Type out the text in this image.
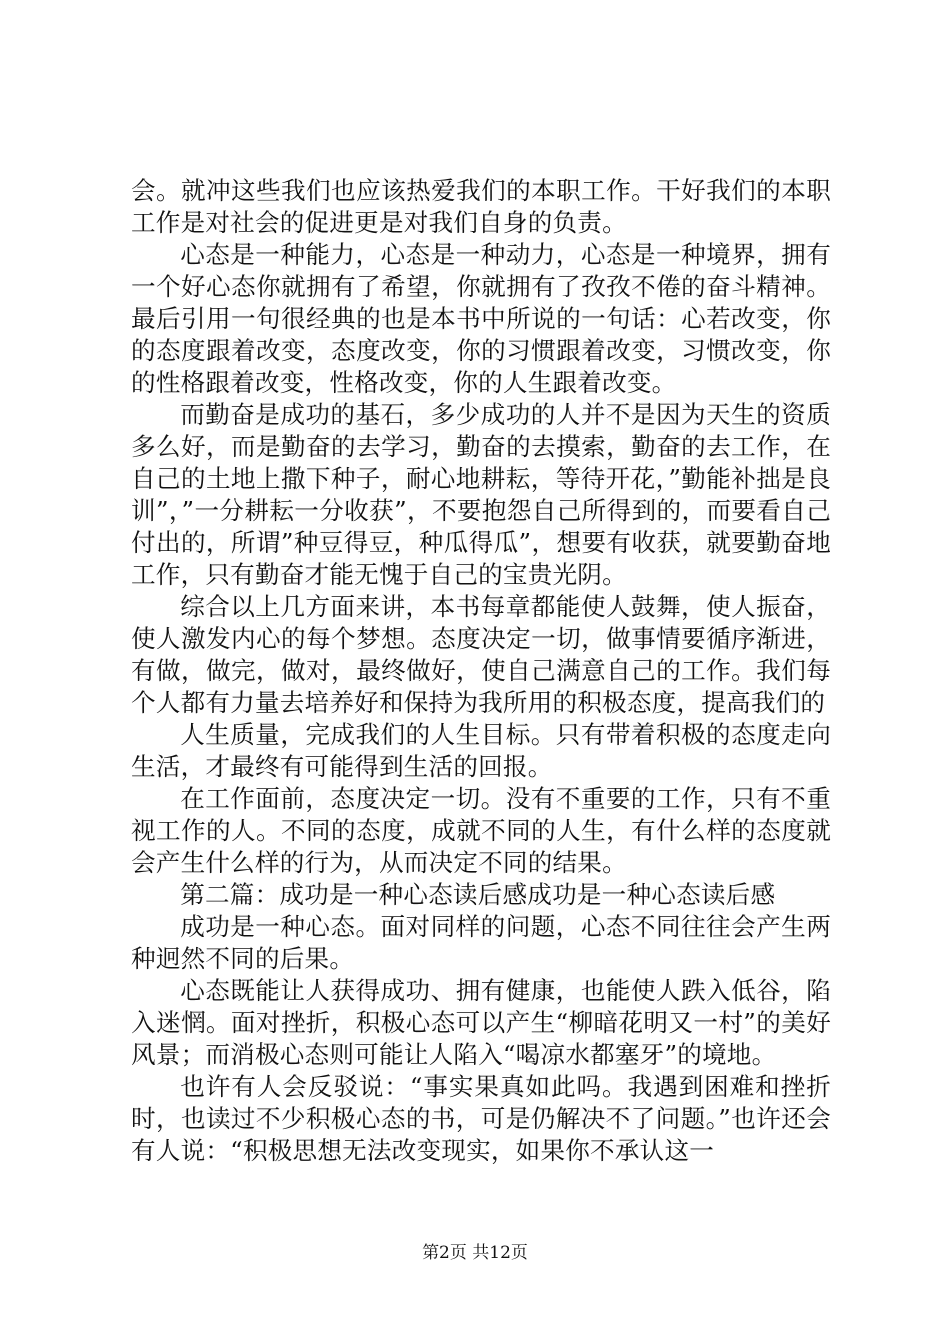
会。就冲这些我们也应该热爱我们的本职工作。干好我们的本职工作是对社会的促进更是对我们自身的负责。

心态是一种能力，心态是一种动力，心态是一种境界，拥有一个好心态你就拥有了希望，你就拥有了孜孜不倦的奋斗精神。最后引用一句很经典的也是本书中所说的一句话：心若改变，你的态度跟着改变，态度改变，你的习惯跟着改变，习惯改变，你的性格跟着改变，性格改变，你的人生跟着改变。

而勤奋是成功的基石，多少成功的人并不是因为天生的资质多么好，而是勤奋的去学习，勤奋的去摸索，勤奋的去工作，在自己的土地上撒下种子，耐心地耕耘，等待开花，”勤能补拙是良训”，”一分耕耘一分收获”，不要抱怨自己所得到的，而要看自己付出的，所谓”种豆得豆，种瓜得瓜”，想要有收获，就要勤奋地工作，只有勤奋才能无愧于自己的宝贵光阴。

综合以上几方面来讲，本书每章都能使人鼓舞，使人振奋，使人激发内心的每个梦想。态度决定一切，做事情要循序渐进，有做，做完，做对，最终做好，使自己满意自己的工作。我们每个人都有力量去培养好和保持为我所用的积极态度，提高我们的

人生质量，完成我们的人生目标。只有带着积极的态度走向生活，才最终有可能得到生活的回报。

在工作面前，态度决定一切。没有不重要的工作，只有不重视工作的人。不同的态度，成就不同的人生，有什么样的态度就会产生什么样的行为，从而决定不同的结果。

第二篇：成功是一种心态读后感成功是一种心态读后感

成功是一种心态。面对同样的问题，心态不同往往会产生两种迥然不同的后果。

心态既能让人获得成功、拥有健康，也能使人跌入低谷，陷入迷惘。面对挫折，积极心态可以产生“柳暗花明又一村”的美好风景；而消极心态则可能让人陷入“喝凉水都塞牙”的境地。

也许有人会反驳说：“事实果真如此吗。我遇到困难和挫折时，也读过不少积极心态的书，可是仍解决不了问题。”也许还会有人说：“积极思想无法改变现实，如果你不承认这一

第2页 共12页
